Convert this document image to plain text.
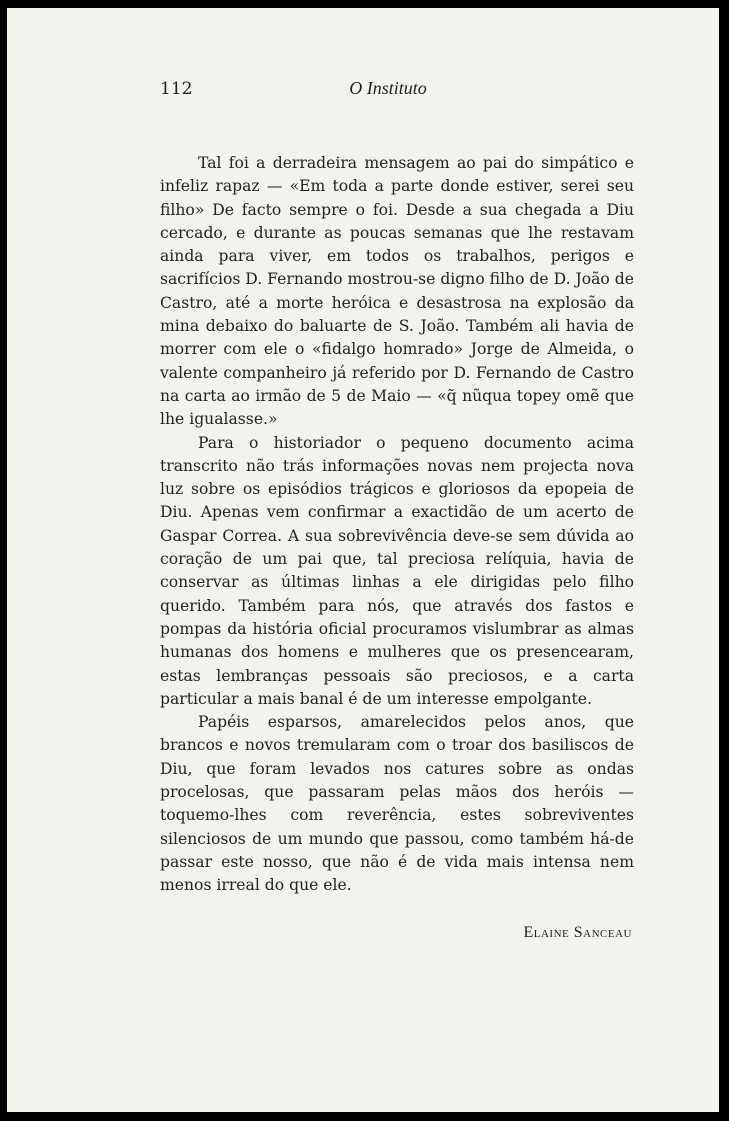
112	O Instituto

Tal foi a derradeira mensagem ao pai do simpático e infeliz rapaz — «Em toda a parte donde estiver, serei seu filho» De facto sempre o foi. Desde a sua chegada a Diu cercado, e durante as poucas semanas que lhe restavam ainda para viver, em todos os trabalhos, perigos e sacrifícios D. Fernando mostrou-se digno filho de D. João de Castro, até a morte heróica e desastrosa na explosão da mina debaixo do baluarte de S. João. Também ali havia de morrer com ele o «fidalgo homrado» Jorge de Almeida, o valente companheiro já referido por D. Fernando de Castro na carta ao irmão de 5 de Maio — «q̃ nũqua topey omẽ que lhe igualasse.»

Para o historiador o pequeno documento acima transcrito não trás informações novas nem projecta nova luz sobre os episódios trágicos e gloriosos da epopeia de Diu. Apenas vem confirmar a exactidão de um acerto de Gaspar Correa. A sua sobrevivência deve-se sem dúvida ao coração de um pai que, tal preciosa relíquia, havia de conservar as últimas linhas a ele dirigidas pelo filho querido. Também para nós, que através dos fastos e pompas da história oficial procuramos vislumbrar as almas humanas dos homens e mulheres que os presencearam, estas lembranças pessoais são preciosos, e a carta particular a mais banal é de um interesse empolgante.

Papéis esparsos, amarelecidos pelos anos, que brancos e novos tremularam com o troar dos basiliscos de Diu, que foram levados nos catures sobre as ondas procelosas, que passaram pelas mãos dos heróis — toquemo-lhes com reverência, estes sobreviventes silenciosos de um mundo que passou, como também há-de passar este nosso, que não é de vida mais intensa nem menos irreal do que ele.

Elaine Sanceau
